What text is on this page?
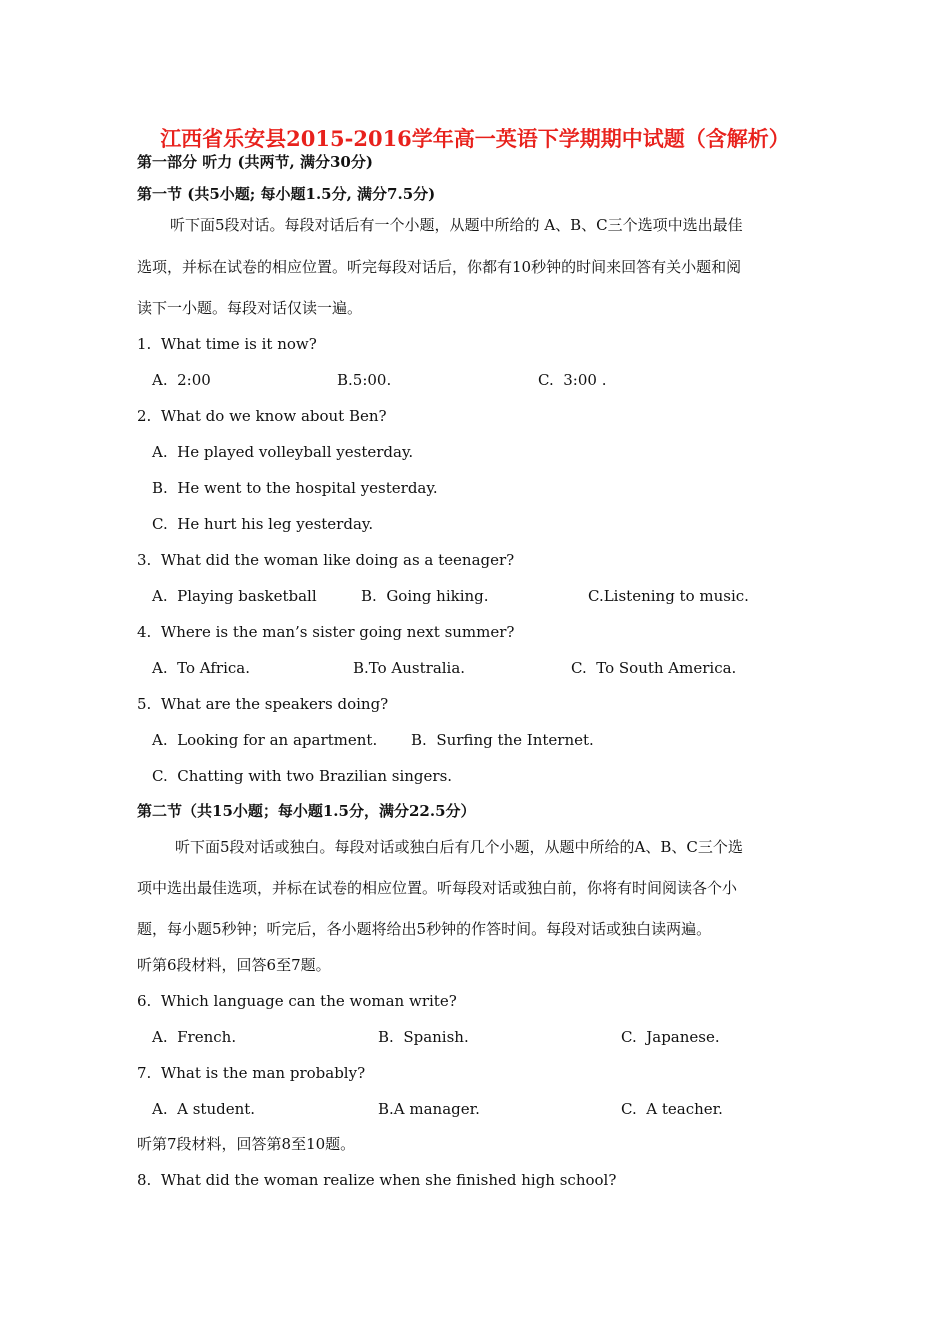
江西省乐安县2015-2016学年高一英语下学期期中试题（含解析）
第一部分 听力 (共两节, 满分30分)
第一节 (共5小题; 每小题1.5分, 满分7.5分)
听下面5段对话。每段对话后有一个小题，从题中所给的 A、B、C三个选项中选出最佳
选项，并标在试卷的相应位置。听完每段对话后，你都有10秒钟的时间来回答有关小题和阅
读下一小题。每段对话仅读一遍。
1.  What time is it now?
A.  2:00	B.5:00.	C.  3:00 .
2.  What do we know about Ben?
A.  He played volleyball yesterday.
B.  He went to the hospital yesterday.
C.  He hurt his leg yesterday.
3.  What did the woman like doing as a teenager?
A.  Playing basketball	B.  Going hiking.	C.Listening to music.
4.  Where is the man’s sister going next summer?
A.  To Africa.	B.To Australia.	C.  To South America.
5.  What are the speakers doing?
A.  Looking for an apartment. B.  Surfing the Internet.
C.  Chatting with two Brazilian singers.
第二节（共15小题；每小题1.5分，满分22.5分）
听下面5段对话或独白。每段对话或独白后有几个小题，从题中所给的A、B、C三个选
项中选出最佳选项，并标在试卷的相应位置。听每段对话或独白前，你将有时间阅读各个小
题，每小题5秒钟；听完后，各小题将给出5秒钟的作答时间。每段对话或独白读两遍。
听第6段材料，回答6至7题。
6.  Which language can the woman write?
A.  French.	B.  Spanish.	C.  Japanese.
7.  What is the man probably?
A.  A student.	B.A manager.	C.  A teacher.
听第7段材料，回答第8至10题。
8.  What did the woman realize when she finished high school?
